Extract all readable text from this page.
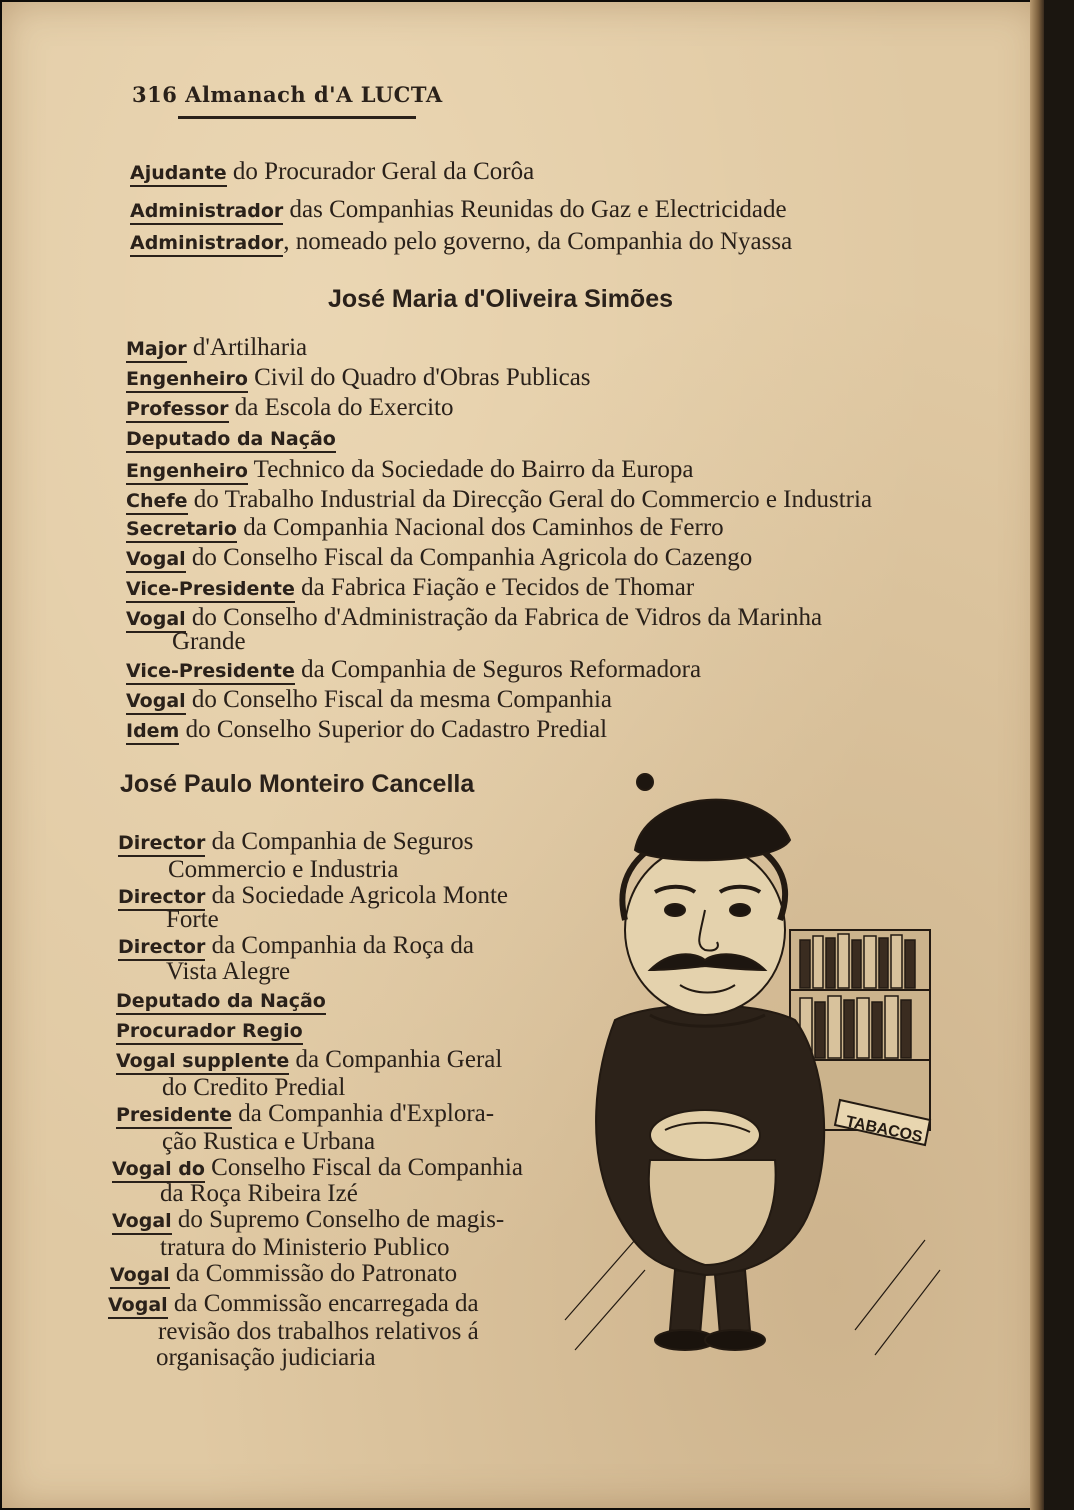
316 Almanach d'A LUCTA
Ajudante do Procurador Geral da Corôa
Administrador das Companhias Reunidas do Gaz e Electricidade
Administrador, nomeado pelo governo, da Companhia do Nyassa
José Maria d'Oliveira Simões
Major d'Artilharia
Engenheiro Civil do Quadro d'Obras Publicas
Professor da Escola do Exercito
Deputado da Nação
Engenheiro Technico da Sociedade do Bairro da Europa
Chefe do Trabalho Industrial da Direcção Geral do Commercio e Industria
Secretario da Companhia Nacional dos Caminhos de Ferro
Vogal do Conselho Fiscal da Companhia Agricola do Cazengo
Vice-Presidente da Fabrica Fiação e Tecidos de Thomar
Vogal do Conselho d'Administração da Fabrica de Vidros da Marinha
Grande
Vice-Presidente da Companhia de Seguros Reformadora
Vogal do Conselho Fiscal da mesma Companhia
Idem do Conselho Superior do Cadastro Predial
José Paulo Monteiro Cancella
Director da Companhia de Seguros
Commercio e Industria
Director da Sociedade Agricola Monte
Forte
Director da Companhia da Roça da
Vista Alegre
Deputado da Nação
Procurador Regio
Vogal supplente da Companhia Geral
do Credito Predial
Presidente da Companhia d'Explora-
ção Rustica e Urbana
Vogal do Conselho Fiscal da Companhia
da Roça Ribeira Izé
Vogal do Supremo Conselho de magis-
tratura do Ministerio Publico
Vogal da Commissão do Patronato
Vogal da Commissão encarregada da
revisão dos trabalhos relativos á
organisação judiciaria
TABACOS
